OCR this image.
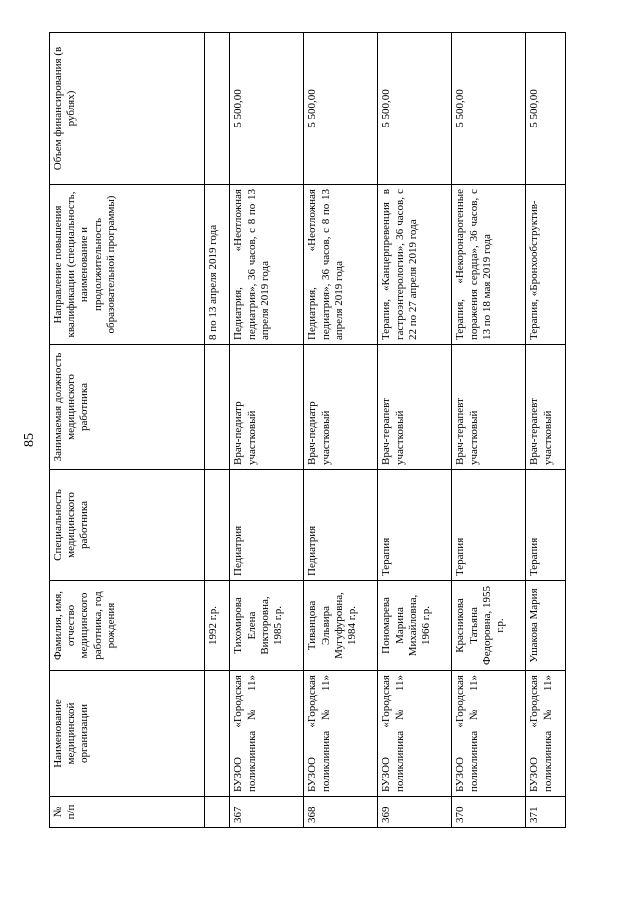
85
№ п/п	Наименование медицинской организации	Фамилия, имя, отчество медицинского работника, год рождения	Специальность медицинского работника	Занимаемая должность медицинского работника	Направление повышения квалификации (специальность, наименование и продолжительность образовательной программы)	Объем финансирования (в рублях)
		1992 г.р.			8 по 13 апреля 2019 года	
367	БУЗОО «Городская поликлиника № 11»	Тихомирова Елена Викторовна, 1985 г.р.	Педиатрия	Врач-педиатр участковый	Педиатрия, «Неотложная педиатрия», 36 часов, с 8 по 13 апреля 2019 года	5 500,00
368	БУЗОО «Городская поликлиника № 11»	Тиванцова Эльвира Мугуфуровна, 1984 г.р.	Педиатрия	Врач-педиатр участковый	Педиатрия, «Неотложная педиатрия», 36 часов, с 8 по 13 апреля 2019 года	5 500,00
369	БУЗОО «Городская поликлиника № 11»	Пономарева Марина Михайловна, 1966 г.р.	Терапия	Врач-терапевт участковый	Терапия, «Канцерпревенция в гастроэнтерологии», 36 часов, с 22 по 27 апреля 2019 года	5 500,00
370	БУЗОО «Городская поликлиника № 11»	Красникова Татьяна Федоровна, 1955 г.р.	Терапия	Врач-терапевт участковый	Терапия, «Некоронарогенные поражения сердца», 36 часов, с 13 по 18 мая 2019 года	5 500,00
371	БУЗОО «Городская поликлиника № 11»	Ушакова Мария	Терапия	Врач-терапевт участковый	Терапия, «Бронхообструктив-	5 500,00
